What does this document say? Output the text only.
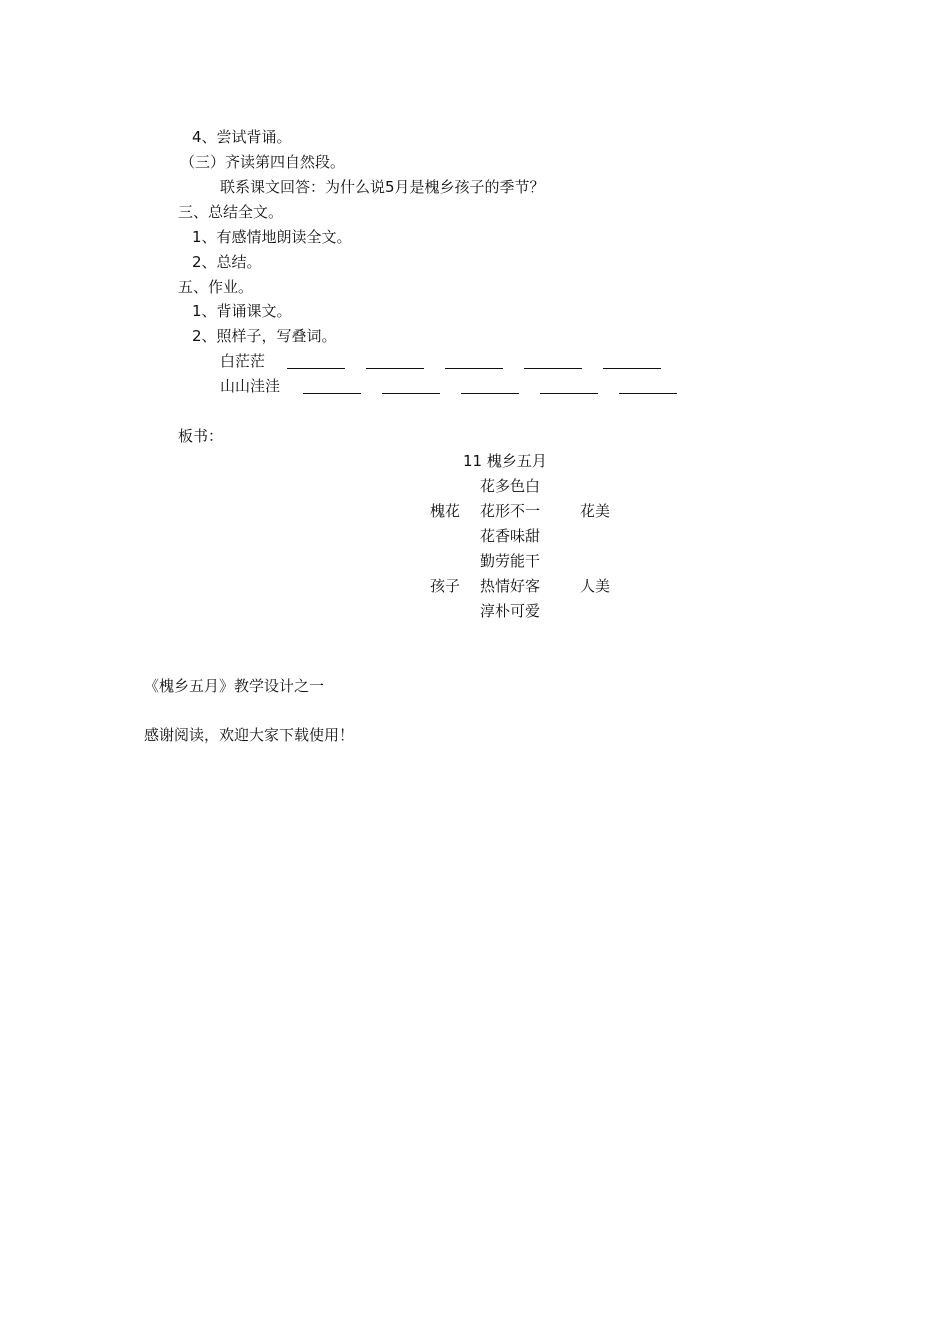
4、尝试背诵。
（三）齐读第四自然段。
联系课文回答：为什么说5月是槐乡孩子的季节？
三、总结全文。
1、有感情地朗读全文。
2、总结。
五、作业。
1、背诵课文。
2、照样子，写叠词。
白茫茫
山山洼洼
板书：
11 槐乡五月
花多色白
槐花 花形不一	花美
花香味甜
勤劳能干
孩子 热情好客	人美
淳朴可爱
《槐乡五月》教学设计之一
感谢阅读，欢迎大家下载使用！
